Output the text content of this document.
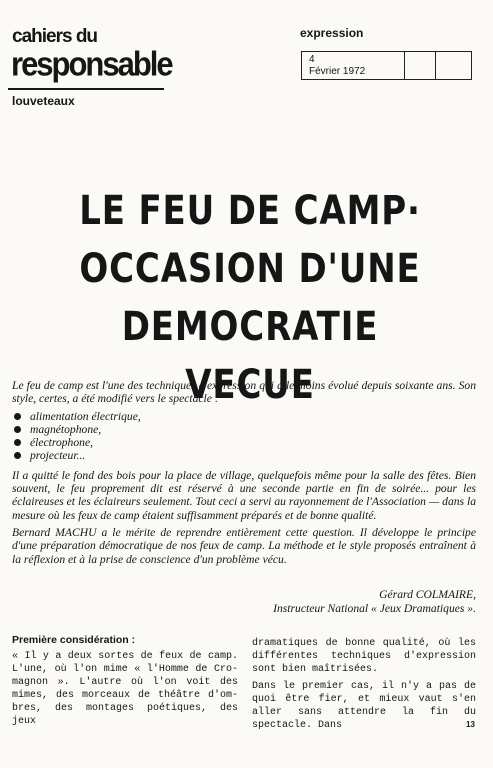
cahiers du
responsable
louveteaux
expression
4
Février 1972
LE FEU DE CAMP·
OCCASION D'UNE
DEMOCRATIE VECUE

Le feu de camp est l'une des techniques d'expression qui a le moins évolué depuis soixante ans. Son style, certes, a été modifié vers le spectacle :

alimentation électrique,
magnétophone,
électrophone,
projecteur...

Il a quitté le fond des bois pour la place de village, quelquefois même pour la salle des fêtes. Bien souvent, le feu proprement dit est réservé à une seconde partie en fin de soirée... pour les éclaireuses et les éclaireurs seulement. Tout ceci a servi au rayonnement de l'Association — dans la mesure où les feux de camp étaient suffisamment préparés et de bonne qualité.

Bernard MACHU a le mérite de reprendre entièrement cette question. Il développe le principe d'une préparation démocratique de nos feux de camp. La méthode et le style proposés entraînent à la réflexion et à la prise de conscience d'un problème vécu.

Gérard COLMAIRE,
Instructeur National « Jeux Dramatiques ».
Première considération :

« Il y a deux sortes de feux de camp. L'une, où l'on mime « l'Homme de Cro-magnon ». L'autre où l'on voit des mimes, des morceaux de théâtre d'om-bres, des montages poétiques, des jeux

dramatiques de bonne qualité, où les différentes techniques d'expression sont bien maîtrisées.

Dans le premier cas, il n'y a pas de quoi être fier, et mieux vaut s'en aller sans attendre la fin du spectacle. Dans	13
